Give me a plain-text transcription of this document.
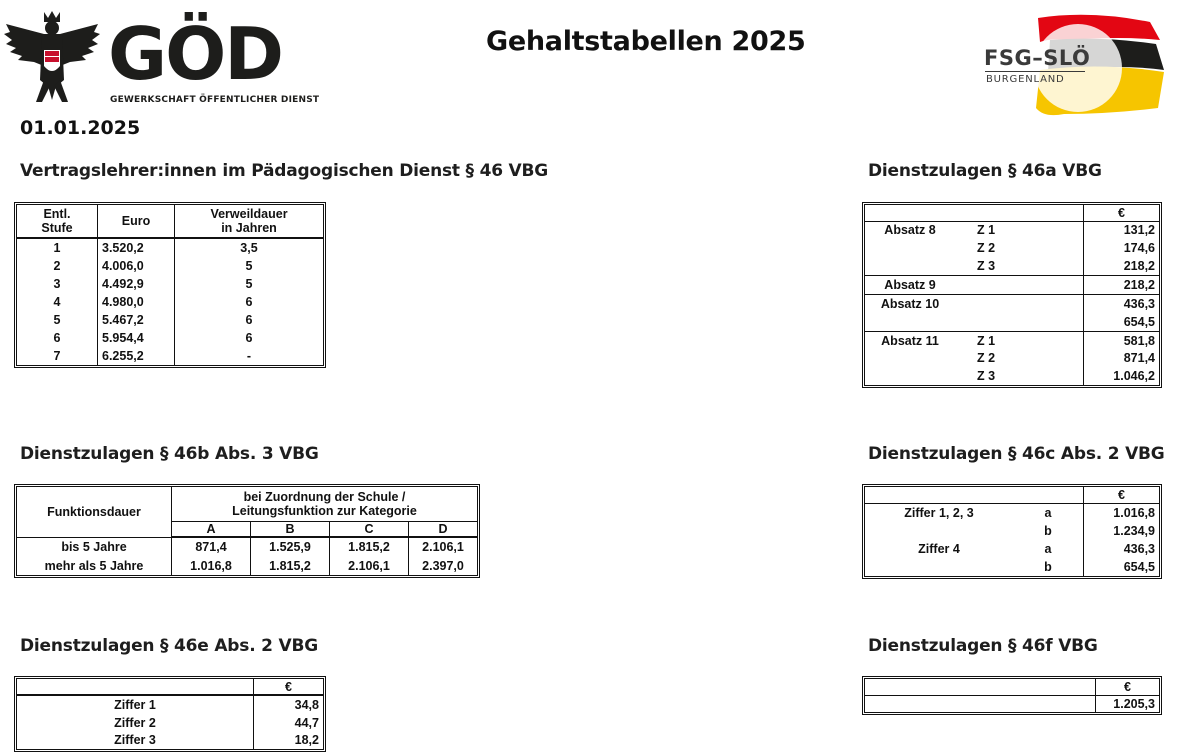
GÖD
GEWERKSCHAFT ÖFFENTLICHER DIENST
Gehaltstabellen 2025
FSG–SLÖ
BURGENLAND
01.01.2025
Vertragslehrer:innen im Pädagogischen Dienst § 46 VBG
Entl.
Stufe	Euro	Verweildauer
in Jahren
1	3.520,2	3,5
2	4.006,0	5
3	4.492,9	5
4	4.980,0	6
5	5.467,2	6
6	5.954,4	6
7	6.255,2	-
Dienstzulagen § 46a VBG
		€
Absatz 8	Z 1	131,2
	Z 2	174,6
	Z 3	218,2
Absatz 9		218,2
Absatz 10		436,3
		654,5
Absatz 11	Z 1	581,8
	Z 2	871,4
	Z 3	1.046,2
Dienstzulagen § 46b Abs. 3 VBG
Funktionsdauer	bei Zuordnung der Schule /
Leitungsfunktion zur Kategorie			
	A	B	C	D
bis 5 Jahre	871,4	1.525,9	1.815,2	2.106,1
mehr als 5 Jahre	1.016,8	1.815,2	2.106,1	2.397,0
Dienstzulagen § 46c Abs. 2 VBG
		€
Ziffer 1, 2, 3	a	1.016,8
	b	1.234,9
Ziffer 4	a	436,3
	b	654,5
Dienstzulagen § 46e Abs. 2 VBG
	€
Ziffer 1	34,8
Ziffer 2	44,7
Ziffer 3	18,2
Dienstzulagen § 46f VBG
	€
	1.205,3
